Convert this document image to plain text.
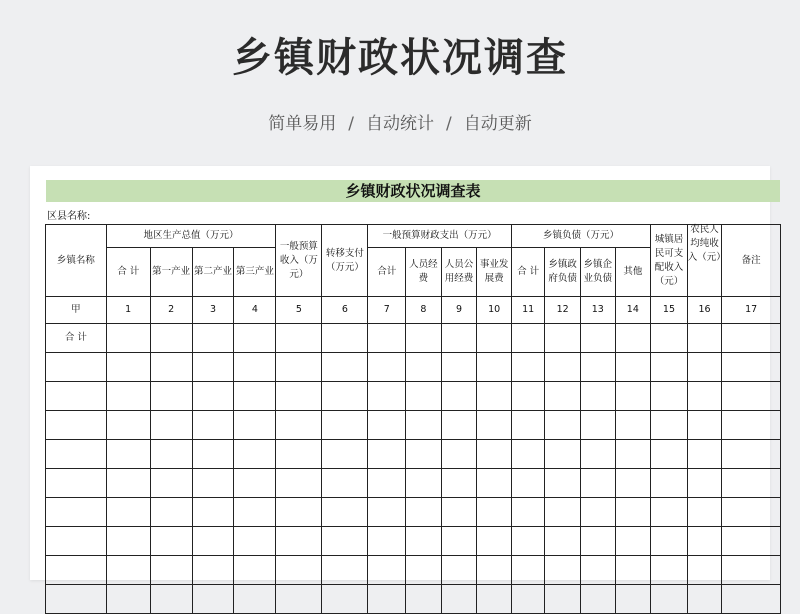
乡镇财政状况调查
简单易用 / 自动统计 / 自动更新
乡镇财政状况调查表
区县名称:
乡镇名称	地区生产总值（万元）				一般预算收入（万元）	转移支付（万元）	一般预算财政支出（万元）				乡镇负债（万元）				城镇居民可支配收入（元）	农民人均纯收入（元）	备注
	合 计	第一产业	第二产业	第三产业			合计	人员经费	人员公用经费	事业发展费	合 计	乡镇政府负债	乡镇企业负债	其他			
甲	1	2	3	4	5	6	7	8	9	10	11	12	13	14	15	16	17
合 计																	
